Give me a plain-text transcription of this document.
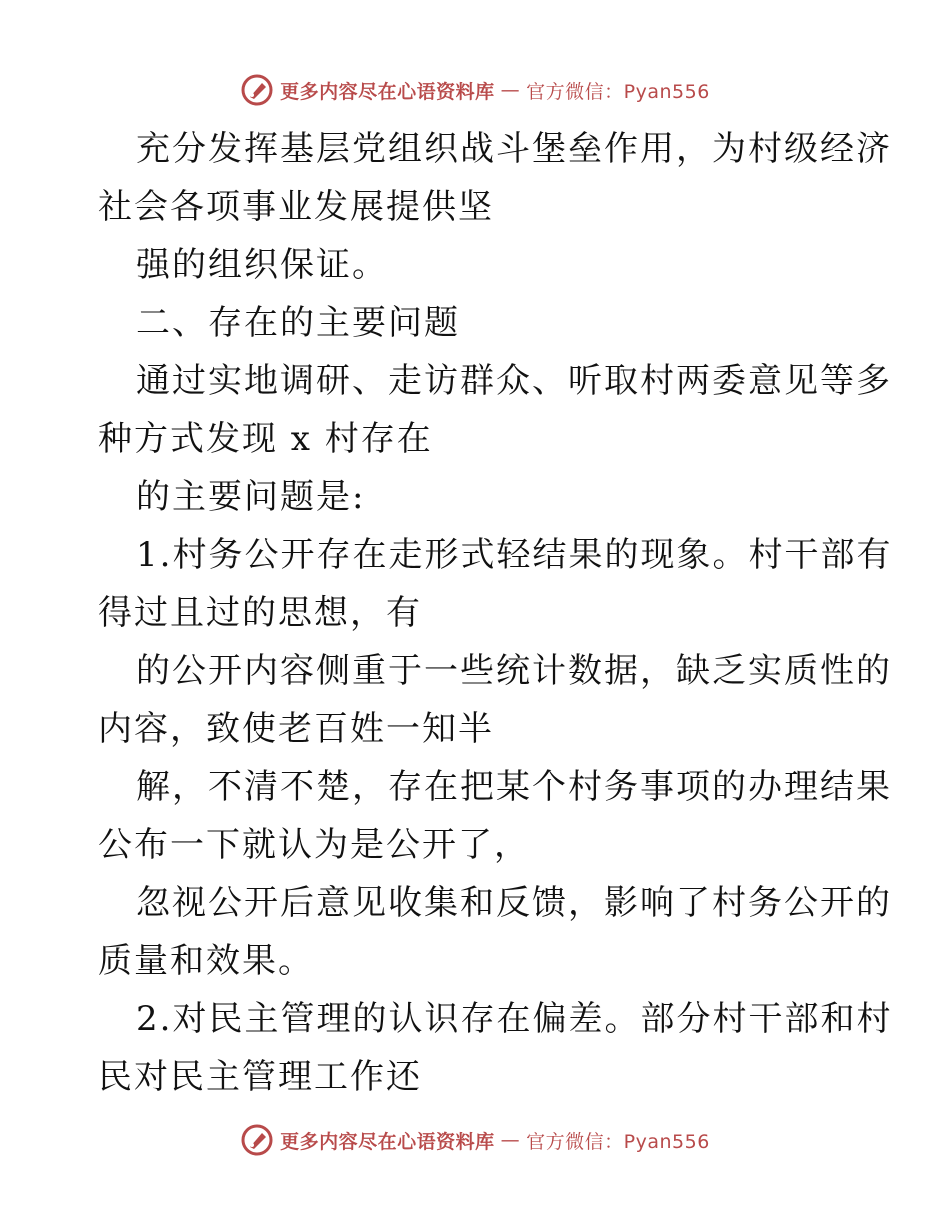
更多内容尽在心语资料库 — 官方微信：Pyan556
充分发挥基层党组织战斗堡垒作用，为村级经济
社会各项事业发展提供坚
强的组织保证。
二、存在的主要问题
通过实地调研、走访群众、听取村两委意见等多
种方式发现 x 村存在
的主要问题是:
1.村务公开存在走形式轻结果的现象。村干部有
得过且过的思想，有
的公开内容侧重于一些统计数据，缺乏实质性的
内容，致使老百姓一知半
解，不清不楚，存在把某个村务事项的办理结果
公布一下就认为是公开了，
忽视公开后意见收集和反馈，影响了村务公开的
质量和效果。
2.对民主管理的认识存在偏差。部分村干部和村
民对民主管理工作还
更多内容尽在心语资料库 — 官方微信：Pyan556
